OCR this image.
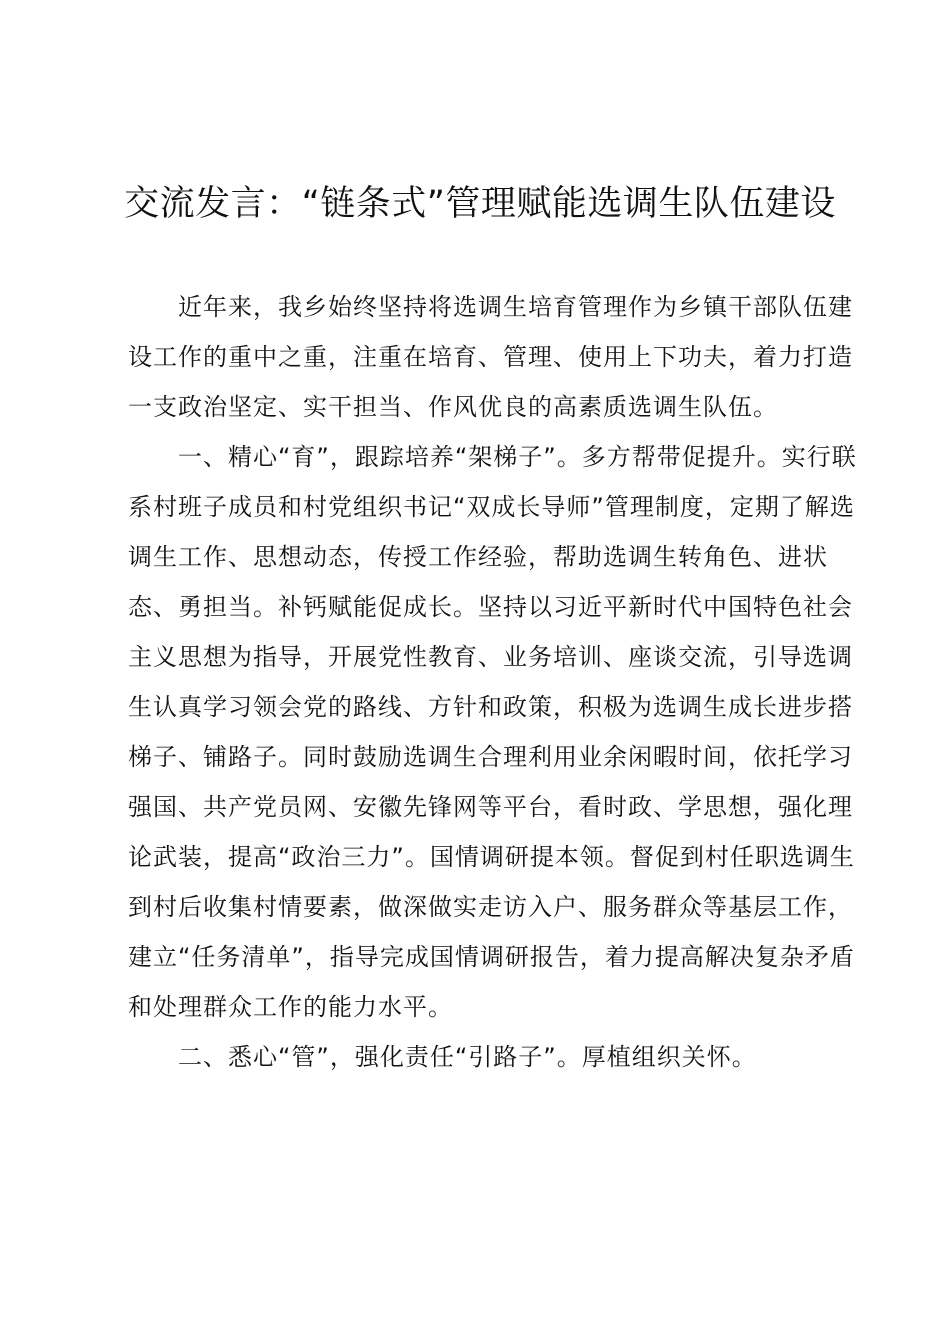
交流发言：“链条式”管理赋能选调生队伍建设

近年来，我乡始终坚持将选调生培育管理作为乡镇干部队伍建设工作的重中之重，注重在培育、管理、使用上下功夫，着力打造一支政治坚定、实干担当、作风优良的高素质选调生队伍。

一、精心“育”，跟踪培养“架梯子”。多方帮带促提升。实行联系村班子成员和村党组织书记“双成长导师”管理制度，定期了解选调生工作、思想动态，传授工作经验，帮助选调生转角色、进状态、勇担当。补钙赋能促成长。坚持以习近平新时代中国特色社会主义思想为指导，开展党性教育、业务培训、座谈交流，引导选调生认真学习领会党的路线、方针和政策，积极为选调生成长进步搭梯子、铺路子。同时鼓励选调生合理利用业余闲暇时间，依托学习强国、共产党员网、安徽先锋网等平台，看时政、学思想，强化理论武装，提高“政治三力”。国情调研提本领。督促到村任职选调生到村后收集村情要素，做深做实走访入户、服务群众等基层工作，建立“任务清单”，指导完成国情调研报告，着力提高解决复杂矛盾和处理群众工作的能力水平。

二、悉心“管”，强化责任“引路子”。厚植组织关怀。
